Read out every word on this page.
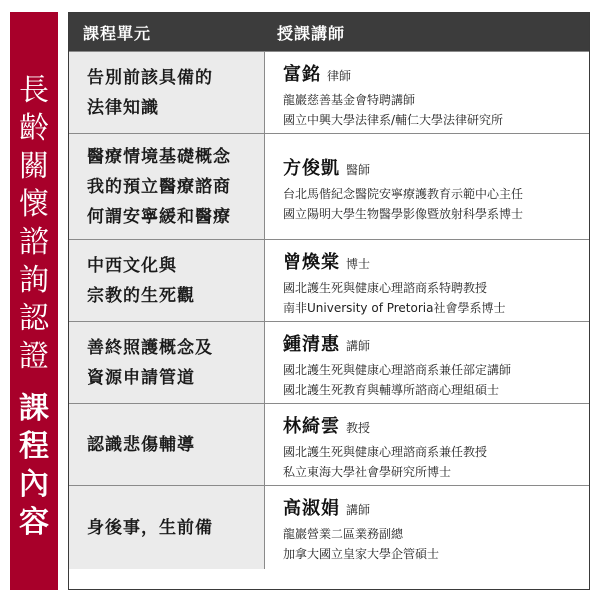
長
齡
關
懷
諮
詢
認
證
課
程
內
容
課程單元	授課講師
告別前該具備的
法律知識
富銘 律師
龍巖慈善基金會特聘講師
國立中興大學法律系/輔仁大學法律研究所
醫療情境基礎概念
我的預立醫療諮商
何謂安寧緩和醫療
方俊凱 醫師
台北馬偕紀念醫院安寧療護教育示範中心主任
國立陽明大學生物醫學影像暨放射科學系博士
中西文化與
宗教的生死觀
曾煥棠 博士
國北護生死與健康心理諮商系特聘教授
南非University of Pretoria社會學系博士
善終照護概念及
資源申請管道
鍾清惠 講師
國北護生死與健康心理諮商系兼任部定講師
國北護生死教育與輔導所諮商心理組碩士
認識悲傷輔導
林綺雲 教授
國北護生死與健康心理諮商系兼任教授
私立東海大學社會學研究所博士
身後事，生前備
高淑娟 講師
龍巖營業二區業務副總
加拿大國立皇家大學企管碩士
